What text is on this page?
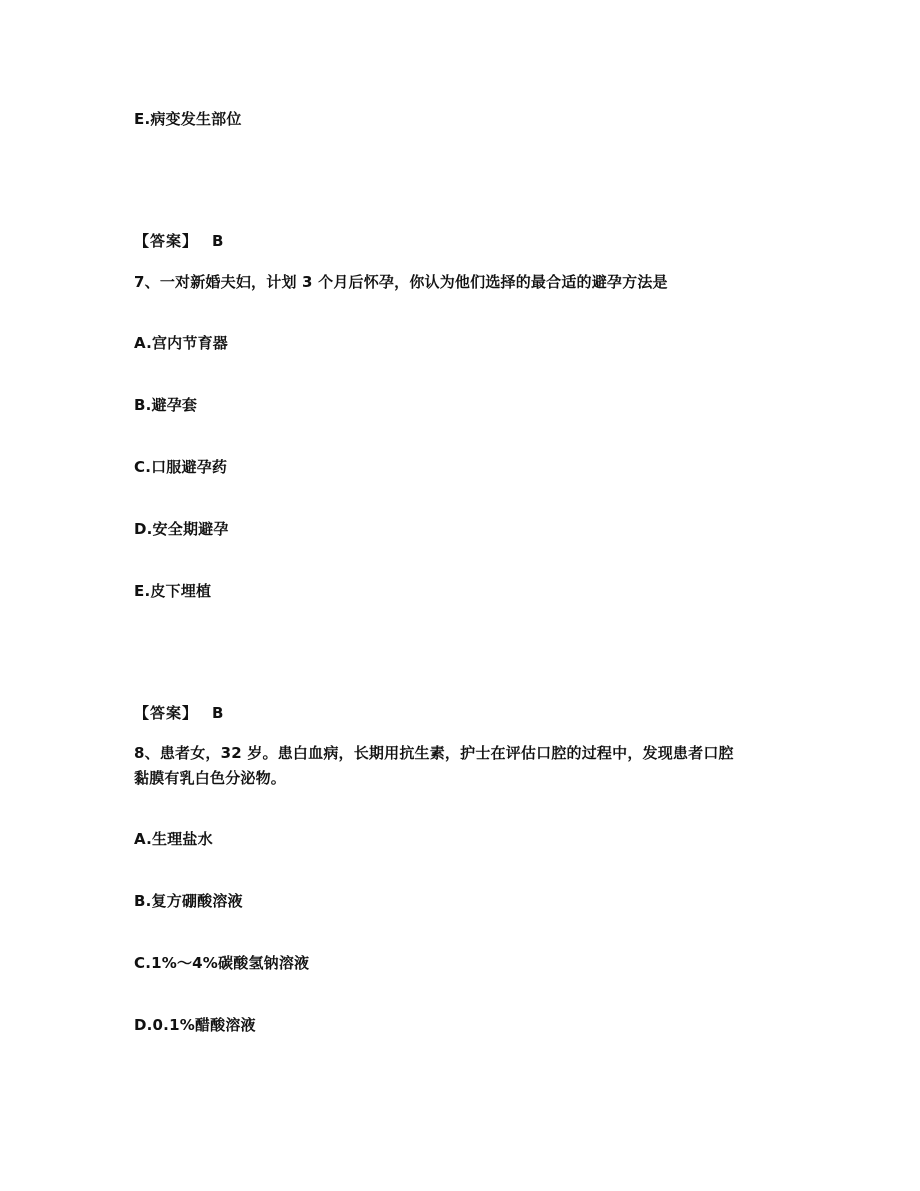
E.病变发生部位
【答案】 B
7、一对新婚夫妇，计划 3 个月后怀孕，你认为他们选择的最合适的避孕方法是
A.宫内节育器
B.避孕套
C.口服避孕药
D.安全期避孕
E.皮下埋植
【答案】 B
8、患者女，32 岁。患白血病，长期用抗生素，护士在评估口腔的过程中，发现患者口腔
黏膜有乳白色分泌物。
A.生理盐水
B.复方硼酸溶液
C.1%～4%碳酸氢钠溶液
D.0.1%醋酸溶液
